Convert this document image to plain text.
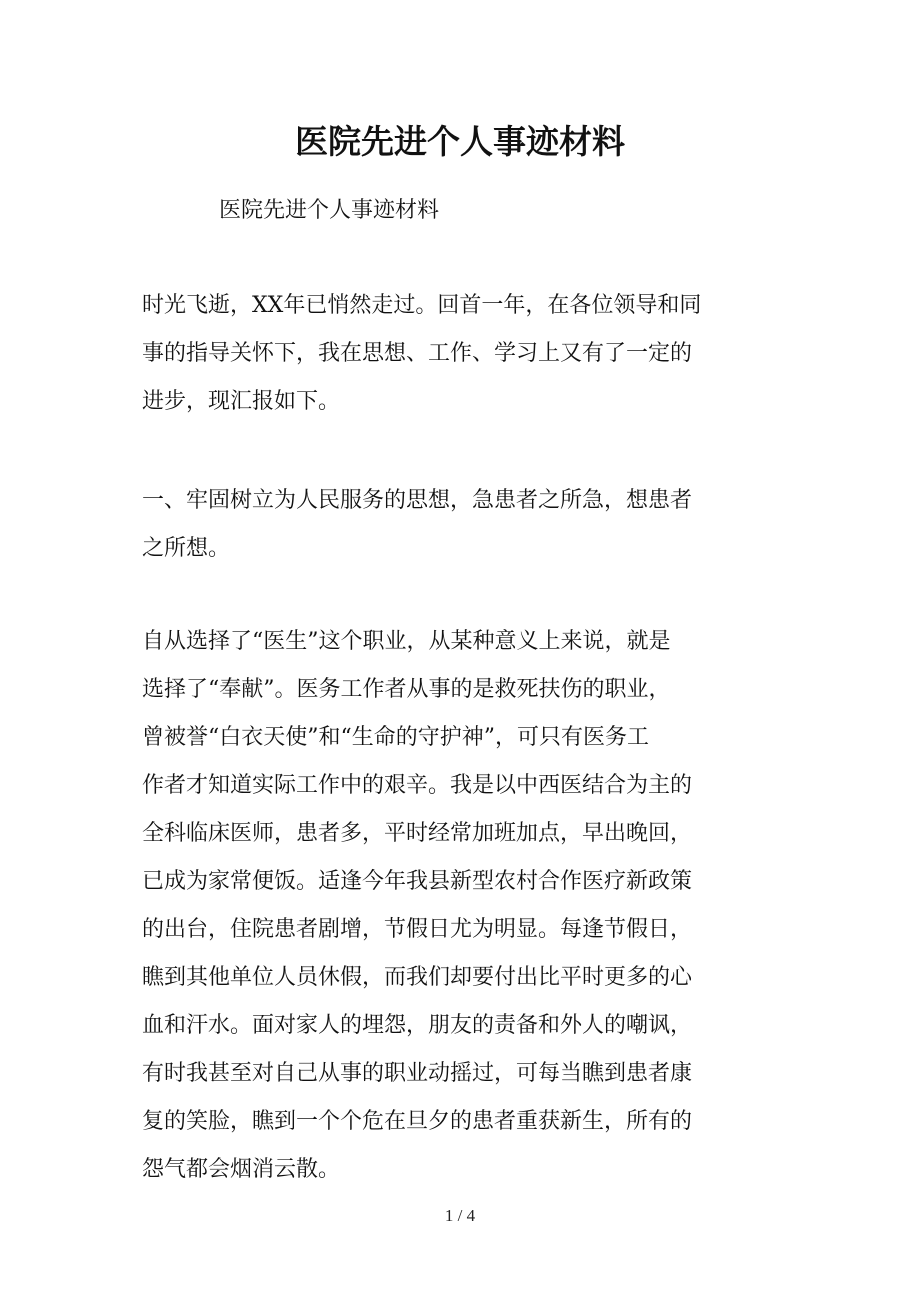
医院先进个人事迹材料
医院先进个人事迹材料

时光飞逝，XX年已悄然走过。回首一年，在各位领导和同
事的指导关怀下，我在思想、工作、学习上又有了一定的
进步，现汇报如下。

一、牢固树立为人民服务的思想，急患者之所急，想患者
之所想。

自从选择了“医生”这个职业，从某种意义上来说，就是
选择了“奉献”。医务工作者从事的是救死扶伤的职业，
曾被誉“白衣天使”和“生命的守护神”，可只有医务工
作者才知道实际工作中的艰辛。我是以中西医结合为主的
全科临床医师，患者多，平时经常加班加点，早出晚回，
已成为家常便饭。适逢今年我县新型农村合作医疗新政策
的出台，住院患者剧增，节假日尤为明显。每逢节假日，
瞧到其他单位人员休假，而我们却要付出比平时更多的心
血和汗水。面对家人的埋怨，朋友的责备和外人的嘲讽，
有时我甚至对自己从事的职业动摇过，可每当瞧到患者康
复的笑脸，瞧到一个个危在旦夕的患者重获新生，所有的
怨气都会烟消云散。

1 / 4
